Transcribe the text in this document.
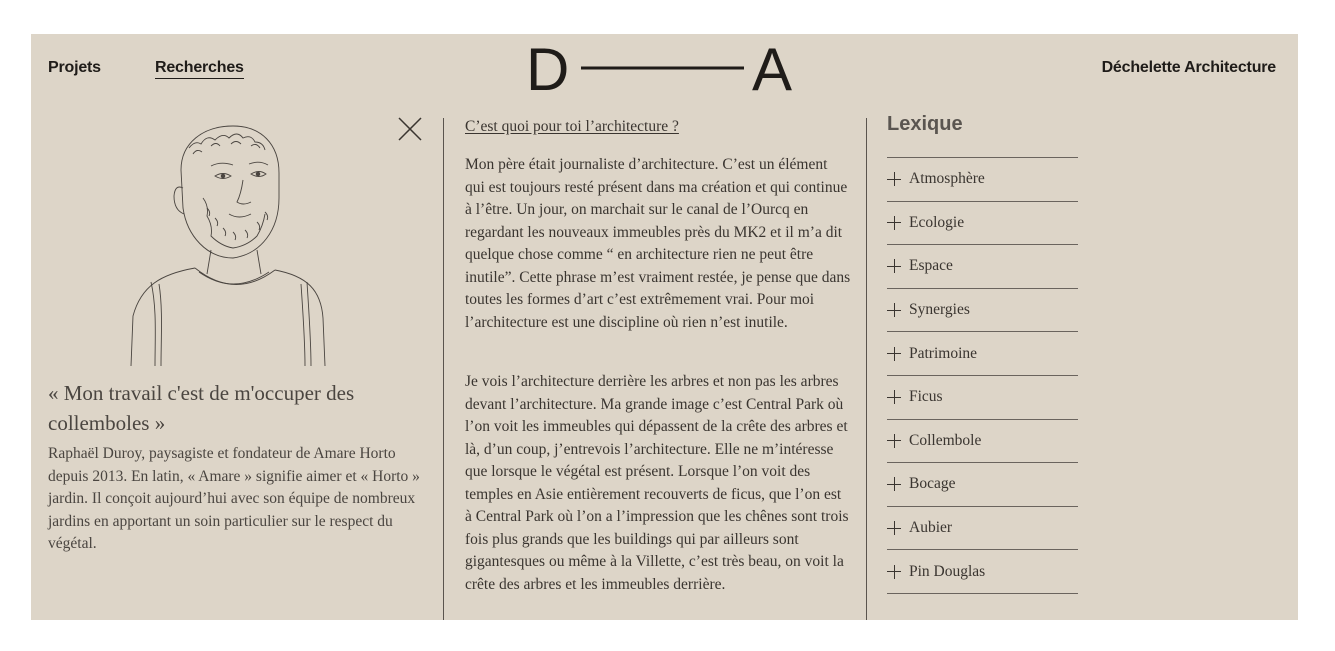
Projets	Recherches	D	A	Déchelette Architecture

« Mon travail c'est de m'occuper des collemboles »

Raphaël Duroy, paysagiste et fondateur de Amare Horto depuis 2013. En latin, « Amare » signifie aimer et « Horto » jardin. Il conçoit aujourd’hui avec son équipe de nombreux jardins en apportant un soin particulier sur le respect du végétal.

C’est quoi pour toi l’architecture ?

Mon père était journaliste d’architecture. C’est un élément qui est toujours resté présent dans ma création et qui continue à l’être. Un jour, on marchait sur le canal de l’Ourcq en regardant les nouveaux immeubles près du MK2 et il m’a dit quelque chose comme “ en architecture rien ne peut être inutile”. Cette phrase m’est vraiment restée, je pense que dans toutes les formes d’art c’est extrêmement vrai. Pour moi l’architecture est une discipline où rien n’est inutile.

Je vois l’architecture derrière les arbres et non pas les arbres devant l’architecture. Ma grande image c’est Central Park où l’on voit les immeubles qui dépassent de la crête des arbres et là, d’un coup, j’entrevois l’architecture. Elle ne m’intéresse que lorsque le végétal est présent. Lorsque l’on voit des temples en Asie entièrement recouverts de ficus, que l’on est à Central Park où l’on a l’impression que les chênes sont trois fois plus grands que les buildings qui par ailleurs sont gigantesques ou même à la Villette, c’est très beau, on voit la crête des arbres et les immeubles derrière.

Lexique
Atmosphère
Ecologie
Espace
Synergies
Patrimoine
Ficus
Collembole
Bocage
Aubier
Pin Douglas
